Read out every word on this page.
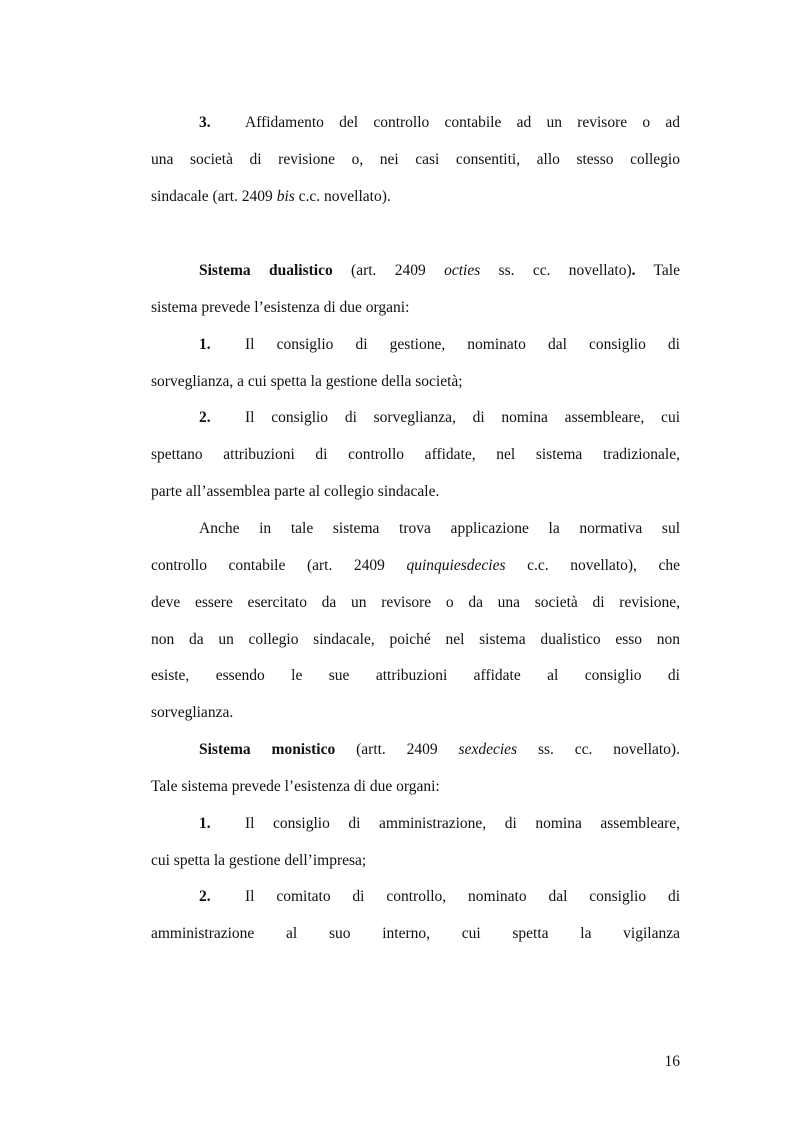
3. Affidamento del controllo contabile ad un revisore o ad
una società di revisione o, nei casi consentiti, allo stesso collegio
sindacale (art. 2409 bis c.c. novellato).
Sistema dualistico (art. 2409 octies ss. cc. novellato). Tale
sistema prevede l’esistenza di due organi:
1. Il consiglio di gestione, nominato dal consiglio di
sorveglianza, a cui spetta la gestione della società;
2. Il consiglio di sorveglianza, di nomina assembleare, cui
spettano attribuzioni di controllo affidate, nel sistema tradizionale,
parte all’assemblea parte al collegio sindacale.
Anche in tale sistema trova applicazione la normativa sul
controllo contabile (art. 2409 quinquiesdecies c.c. novellato), che
deve essere esercitato da un revisore o da una società di revisione,
non da un collegio sindacale, poiché nel sistema dualistico esso non
esiste, essendo le sue attribuzioni affidate al consiglio di
sorveglianza.
Sistema monistico (artt. 2409 sexdecies ss. cc. novellato).
Tale sistema prevede l’esistenza di due organi:
1. Il consiglio di amministrazione, di nomina assembleare,
cui spetta la gestione dell’impresa;
2. Il comitato di controllo, nominato dal consiglio di
amministrazione al suo interno, cui spetta la vigilanza
16
